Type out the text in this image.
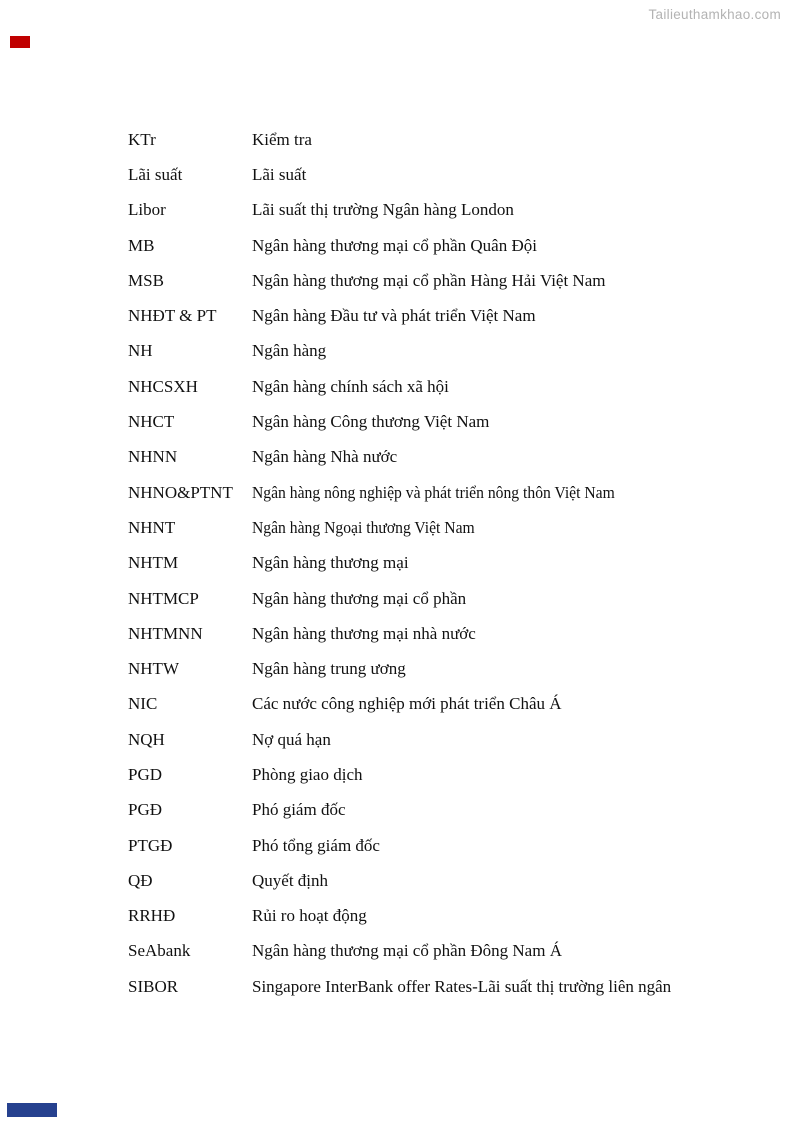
Tailieuthamkhao.com
KTr	Kiểm tra
Lãi suất	Lãi suất
Libor	Lãi suất thị trường Ngân hàng London
MB	Ngân hàng thương mại cổ phần Quân Đội
MSB	Ngân hàng thương mại cổ phần Hàng Hải Việt Nam
NHĐT & PT	Ngân hàng Đầu tư và phát triển Việt Nam
NH	Ngân hàng
NHCSXH	Ngân hàng chính sách xã hội
NHCT	Ngân hàng Công thương Việt Nam
NHNN	Ngân hàng Nhà nước
NHNO&PTNT	Ngân hàng nông nghiệp và phát triển nông thôn Việt Nam
NHNT	Ngân hàng Ngoại thương Việt Nam
NHTM	Ngân hàng thương mại
NHTMCP	Ngân hàng thương mại cổ phần
NHTMNN	Ngân hàng thương mại nhà nước
NHTW	Ngân hàng trung ương
NIC	Các nước công nghiệp mới phát triển Châu Á
NQH	Nợ quá hạn
PGD	Phòng giao dịch
PGĐ	Phó giám đốc
PTGĐ	Phó tổng giám đốc
QĐ	Quyết định
RRHĐ	Rủi ro hoạt động
SeAbank	Ngân hàng thương mại cổ phần Đông Nam Á
SIBOR	Singapore InterBank offer Rates-Lãi suất thị trường liên ngân
